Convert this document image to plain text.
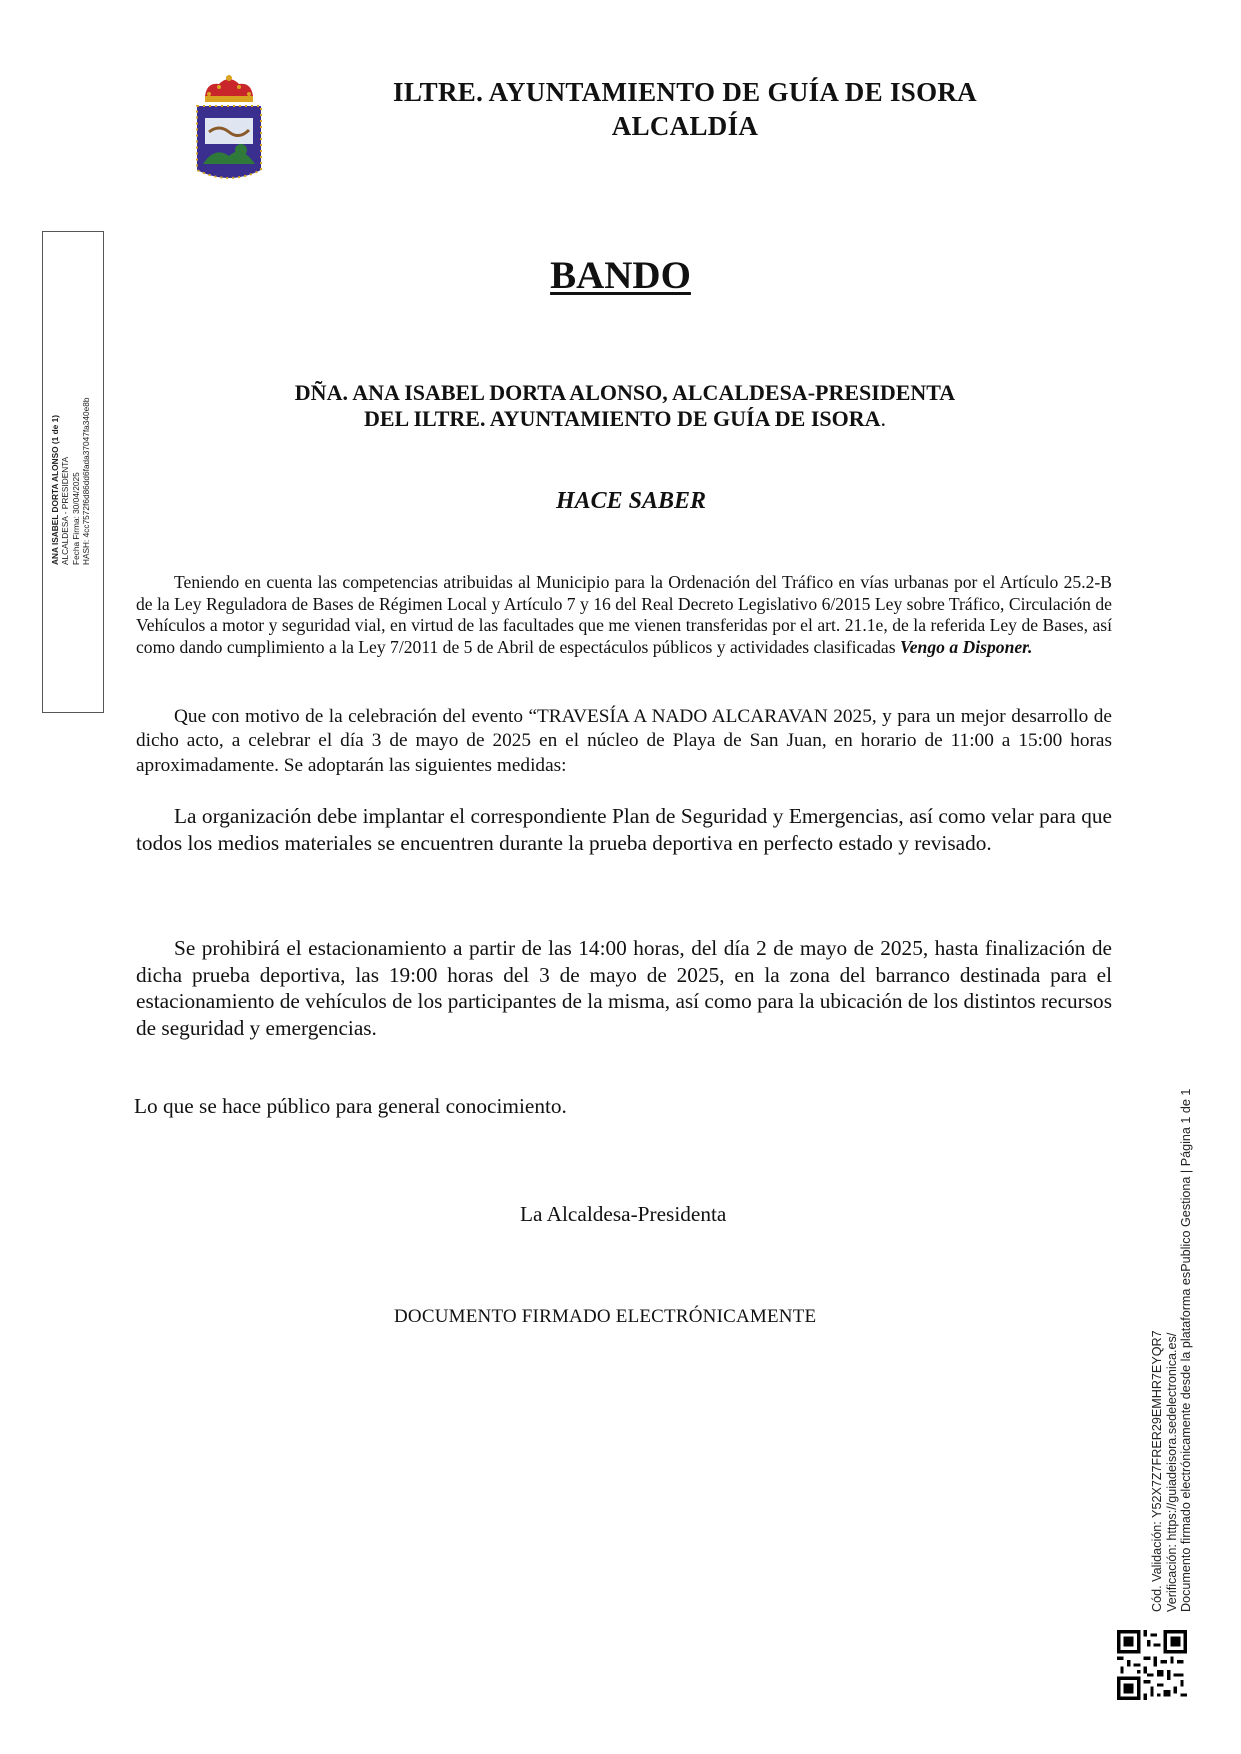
ILTRE. AYUNTAMIENTO DE GUÍA DE ISORA
ALCALDÍA
ANA ISABEL DORTA ALONSO (1 de 1) ALCALDESA - PRESIDENTA Fecha Firma: 30/04/2025 HASH: 4cc7572f6d86dd6fada37047fa340e8b
BANDO
DÑA. ANA ISABEL DORTA ALONSO, ALCALDESA-PRESIDENTA
DEL ILTRE. AYUNTAMIENTO DE GUÍA DE ISORA.
HACE SABER
Teniendo en cuenta las competencias atribuidas al Municipio para la Ordenación del Tráfico en vías urbanas por el Artículo 25.2-B de la Ley Reguladora de Bases de Régimen Local y Artículo 7 y 16 del Real Decreto Legislativo 6/2015 Ley sobre Tráfico, Circulación de Vehículos a motor y seguridad vial, en virtud de las facultades que me vienen transferidas por el art. 21.1e, de la referida Ley de Bases, así como dando cumplimiento a la Ley 7/2011 de 5 de Abril de espectáculos públicos y actividades clasificadas Vengo a Disponer.
Que con motivo de la celebración del evento “TRAVESÍA A NADO ALCARAVAN 2025, y para un mejor desarrollo de dicho acto, a celebrar el día 3 de mayo de 2025 en el núcleo de Playa de San Juan, en horario de 11:00 a 15:00 horas aproximadamente. Se adoptarán las siguientes medidas:
La organización debe implantar el correspondiente Plan de Seguridad y Emergencias, así como velar para que todos los medios materiales se encuentren durante la prueba deportiva en perfecto estado y revisado.
Se prohibirá el estacionamiento a partir de las 14:00 horas, del día 2 de mayo de 2025, hasta finalización de dicha prueba deportiva, las 19:00 horas del 3 de mayo de 2025, en la zona del barranco destinada para el estacionamiento de vehículos de los participantes de la misma, así como para la ubicación de los distintos recursos de seguridad y emergencias.
Lo que se hace público para general conocimiento.
La Alcaldesa-Presidenta
DOCUMENTO FIRMADO ELECTRÓNICAMENTE
Cód. Validación: Y52X7Z7FRER29EMHR7EYQR7 Verificación: https://guiadeisora.sedelectronica.es/ Documento firmado electrónicamente desde la plataforma esPublico Gestiona | Página 1 de 1
